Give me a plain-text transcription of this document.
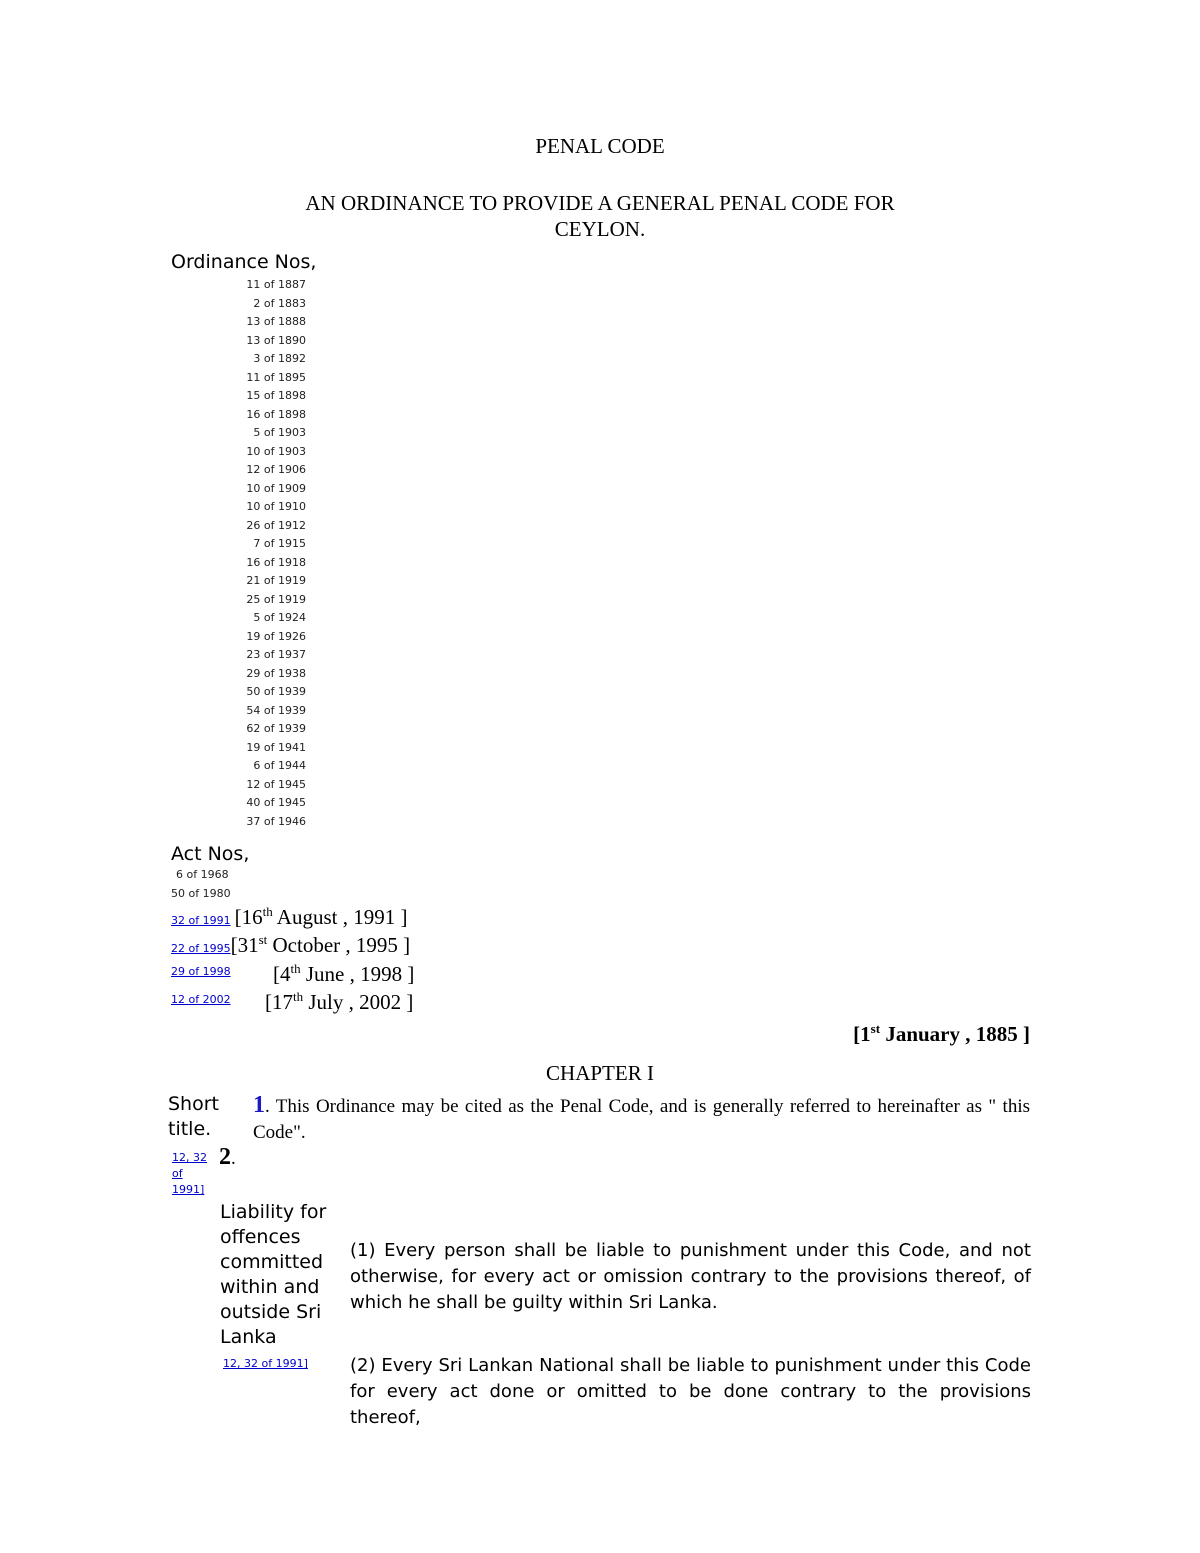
PENAL CODE
AN ORDINANCE TO PROVIDE A GENERAL PENAL CODE FOR
CEYLON.
Ordinance Nos,
11 of 1887
2 of 1883
13 of 1888
13 of 1890
3 of 1892
11 of 1895
15 of 1898
16 of 1898
5 of 1903
10 of 1903
12 of 1906
10 of 1909
10 of 1910
26 of 1912
7 of 1915
16 of 1918
21 of 1919
25 of 1919
5 of 1924
19 of 1926
23 of 1937
29 of 1938
50 of 1939
54 of 1939
62 of 1939
19 of 1941
6 of 1944
12 of 1945
40 of 1945
37 of 1946
Act Nos,
6 of 1968
50 of 1980
32 of 1991 [16th August , 1991 ]
22 of 1995[31st October , 1995 ]
29 of 1998 [4th June , 1998 ]
12 of 2002 [17th July , 2002 ]
[1st January , 1885 ]
CHAPTER I
Short title.
1. This Ordinance may be cited as the Penal Code, and is generally referred to hereinafter as " this Code".
12, 32 of 1991]
2.
Liability for offences committed within and outside Sri Lanka
(1) Every person shall be liable to punishment under this Code, and not otherwise, for every act or omission contrary to the provisions thereof, of which he shall be guilty within Sri Lanka.
12, 32 of 1991] (2) Every Sri Lankan National shall be liable to punishment under this Code for every act done or omitted to be done contrary to the provisions thereof,
